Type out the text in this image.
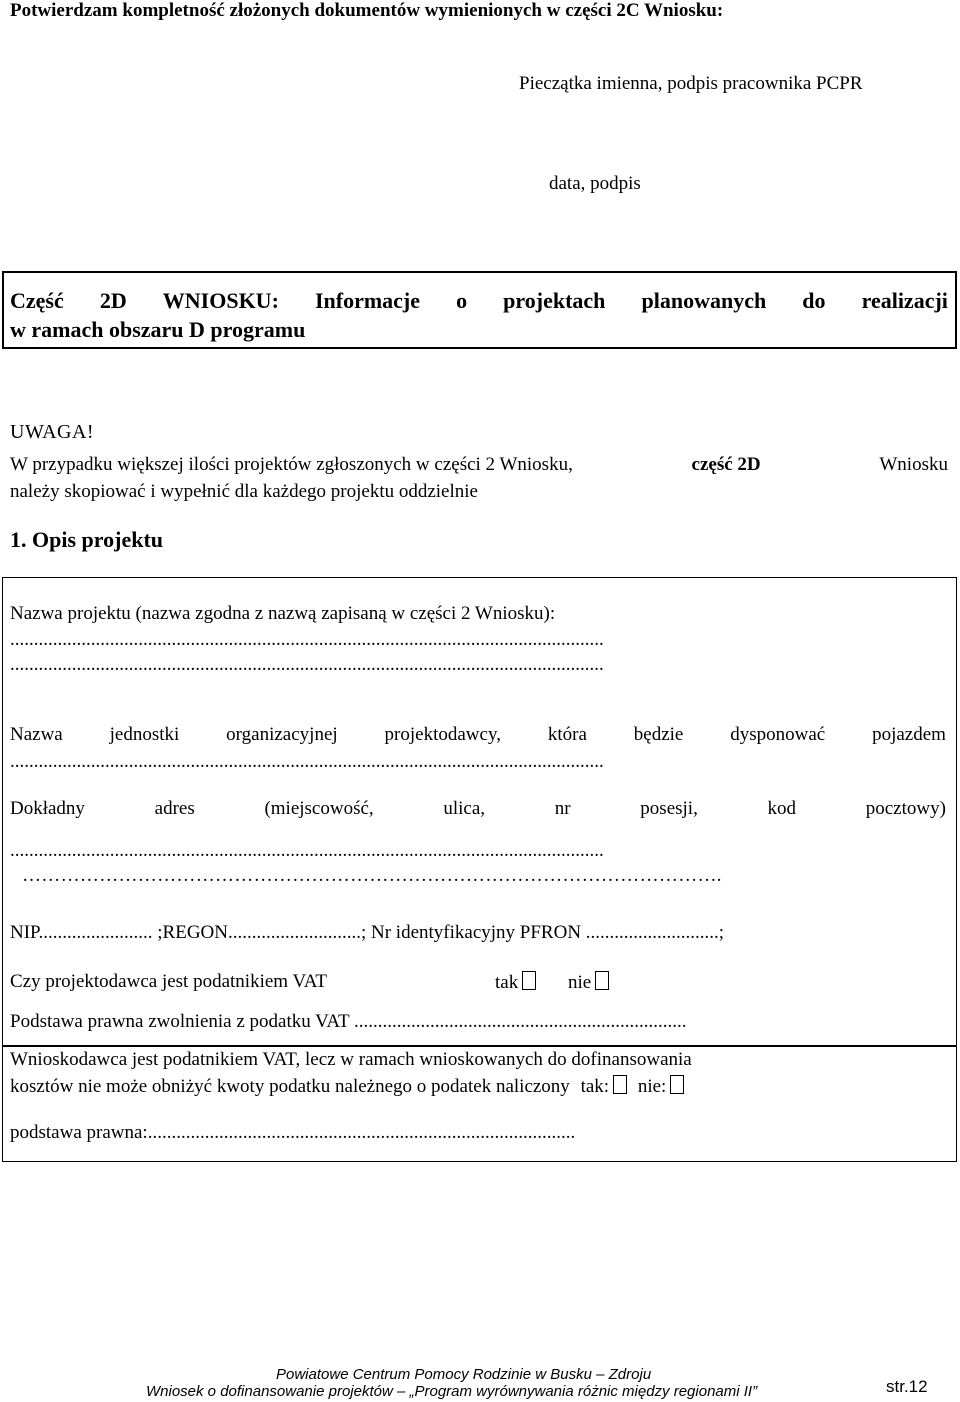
Potwierdzam kompletność złożonych dokumentów wymienionych w części 2C Wniosku:
Pieczątka imienna, podpis pracownika PCPR
data, podpis
Część 2D WNIOSKU: Informacje o projektach planowanych do realizacji
w ramach obszaru D programu
UWAGA!
W przypadku większej ilości projektów zgłoszonych w części 2 Wniosku,	część 2D	Wniosku
należy skopiować i wypełnić dla każdego projektu oddzielnie
1. Opis projektu
Nazwa projektu (nazwa zgodna z nazwą zapisaną w części 2 Wniosku):
.............................................................................................................................
.............................................................................................................................
Nazwa jednostki organizacyjnej projektodawcy, która będzie dysponować pojazdem
.............................................................................................................................
Dokładny	adres	(miejscowość,	ulica,	nr	posesji,	kod	pocztowy)
.............................................................................................................................
……………………………………………………………………………………………….
NIP........................ ;REGON............................; Nr identyfikacyjny PFRON ............................;
Czy projektodawca jest podatnikiem VAT	tak	nie
Podstawa prawna zwolnienia z podatku VAT ......................................................................
Wnioskodawca jest podatnikiem VAT, lecz w ramach wnioskowanych do dofinansowania
kosztów nie może obniżyć kwoty podatku należnego o podatek naliczony tak: nie:
podstawa prawna:..........................................................................................
Powiatowe Centrum Pomocy Rodzinie w Busku – Zdroju
Wniosek o dofinansowanie projektów – „Program wyrównywania różnic między regionami II”	str.12
